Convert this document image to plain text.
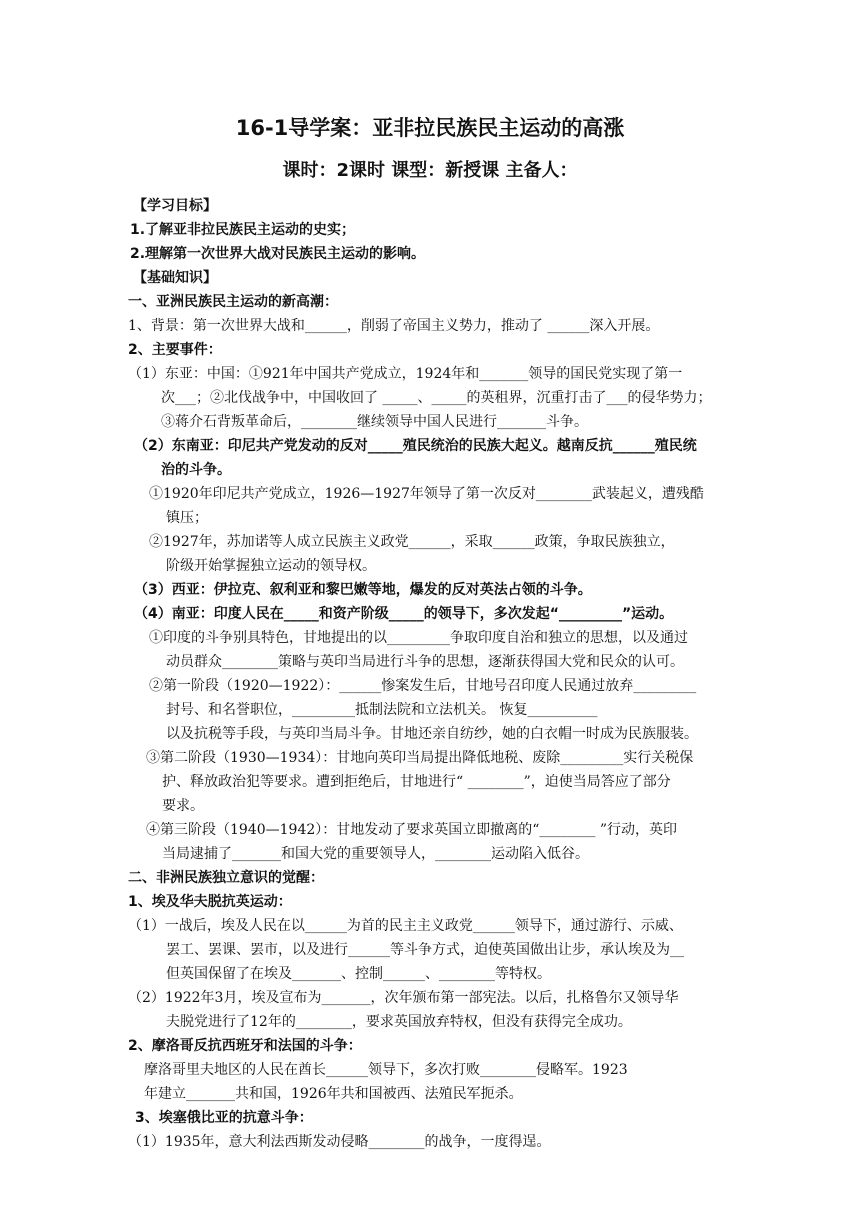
16-1导学案：亚非拉民族民主运动的高涨
课时：2课时 课型：新授课 主备人：
【学习目标】
1.了解亚非拉民族民主运动的史实；
2.理解第一次世界大战对民族民主运动的影响。
【基础知识】
一、亚洲民族民主运动的新高潮：
1、背景：第一次世界大战和______，削弱了帝国主义势力，推动了 ______深入开展。
2、主要事件：
（1）东亚：中国：①921年中国共产党成立，1924年和_______领导的国民党实现了第一
次___；②北伐战争中，中国收回了 _____、_____的英租界，沉重打击了___的侵华势力；
③蒋介石背叛革命后，________继续领导中国人民进行_______斗争。
（2）东南亚：印尼共产党发动的反对_____殖民统治的民族大起义。越南反抗______殖民统
治的斗争。
①1920年印尼共产党成立，1926—1927年领导了第一次反对________武装起义，遭残酷
镇压；
②1927年，苏加诺等人成立民族主义政党______，采取______政策，争取民族独立，
阶级开始掌握独立运动的领导权。
（3）西亚：伊拉克、叙利亚和黎巴嫩等地，爆发的反对英法占领的斗争。
（4）南亚：印度人民在_____和资产阶级_____的领导下，多次发起“_________”运动。
①印度的斗争别具特色，甘地提出的以_________争取印度自治和独立的思想，以及通过
动员群众________策略与英印当局进行斗争的思想，逐渐获得国大党和民众的认可。
②第一阶段（1920—1922）：______惨案发生后，甘地号召印度人民通过放弃_________
封号、和名誉职位，_________抵制法院和立法机关。 恢复__________
以及抗税等手段，与英印当局斗争。甘地还亲自纺纱，她的白衣帽一时成为民族服装。
③第二阶段（1930—1934）：甘地向英印当局提出降低地税、废除_________实行关税保
护、释放政治犯等要求。遭到拒绝后，甘地进行“ ________”，迫使当局答应了部分
要求。
④第三阶段（1940—1942）：甘地发动了要求英国立即撤离的“________ ”行动，英印
当局逮捕了_______和国大党的重要领导人，________运动陷入低谷。
二、非洲民族独立意识的觉醒：
1、埃及华夫脱抗英运动：
（1）一战后，埃及人民在以______为首的民主主义政党______领导下，通过游行、示威、
罢工、罢课、罢市，以及进行______等斗争方式，迫使英国做出让步，承认埃及为__
但英国保留了在埃及_______、控制______、________等特权。
（2）1922年3月，埃及宣布为_______，次年颁布第一部宪法。以后，扎格鲁尔又领导华
夫脱党进行了12年的________，要求英国放弃特权，但没有获得完全成功。
2、摩洛哥反抗西班牙和法国的斗争：
摩洛哥里夫地区的人民在酋长______领导下，多次打败________侵略军。1923
年建立_______共和国，1926年共和国被西、法殖民军扼杀。
3、埃塞俄比亚的抗意斗争：
（1）1935年，意大利法西斯发动侵略________的战争，一度得逞。
